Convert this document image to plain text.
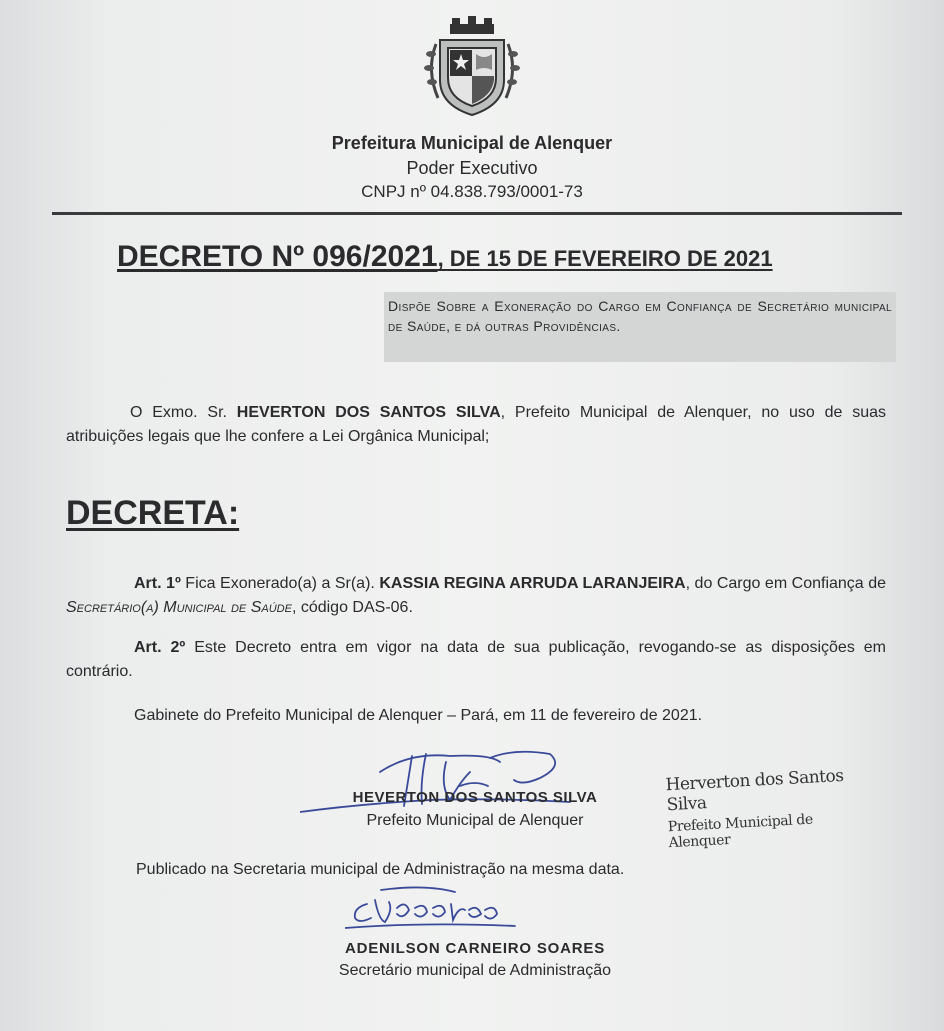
Prefeitura Municipal de Alenquer
Poder Executivo
CNPJ nº 04.838.793/0001-73
DECRETO Nº 096/2021, DE 15 DE FEVEREIRO DE 2021
Dispõe Sobre a Exoneração do Cargo em Confiança de Secretário municipal de Saúde, e dá outras Providências.
O Exmo. Sr. HEVERTON DOS SANTOS SILVA, Prefeito Municipal de Alenquer, no uso de suas atribuições legais que lhe confere a Lei Orgânica Municipal;
DECRETA:
Art. 1º Fica Exonerado(a) a Sr(a). KASSIA REGINA ARRUDA LARANJEIRA, do Cargo em Confiança de Secretário(a) Municipal de Saúde, código DAS-06.
Art. 2º Este Decreto entra em vigor na data de sua publicação, revogando-se as disposições em contrário.
Gabinete do Prefeito Municipal de Alenquer – Pará, em 11 de fevereiro de 2021.
HEVERTON DOS SANTOS SILVA
Prefeito Municipal de Alenquer
Herverton dos Santos Silva
Prefeito Municipal de Alenquer
Publicado na Secretaria municipal de Administração na mesma data.
ADENILSON CARNEIRO SOARES
Secretário municipal de Administração
